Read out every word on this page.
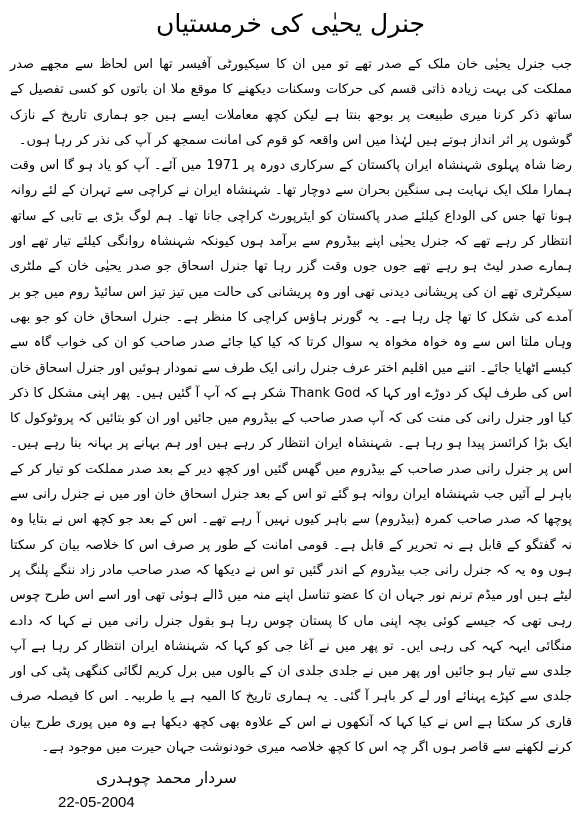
جنرل یحیٰی کی خرمستیاں

جب جنرل یحیٰی خان ملک کے صدر تھے تو میں ان کا سیکیورٹی آفیسر تھا اس لحاظ سے مجھے صدر مملکت کی بہت زیادہ ذاتی قسم کی حرکات وسکنات دیکھنے کا موقع ملا ان باتوں کو کسی تفصیل کے ساتھ ذکر کرنا میری طبیعت پر بوجھ بنتا ہے لیکن کچھ معاملات ایسے ہیں جو ہماری تاریخ کے نازک گوشوں پر اثر انداز ہوتے ہیں لہٰذا میں اس واقعہ کو قوم کی امانت سمجھ کر آپ کی نذر کر رہا ہوں۔

رضا شاہ پہلوی شہنشاہ ایران پاکستان کے سرکاری دورہ پر 1971 میں آئے۔ آپ کو یاد ہو گا اس وقت ہمارا ملک ایک نہایت ہی سنگین بحران سے دوچار تھا۔ شہنشاہ ایران نے کراچی سے تہران کے لئے روانہ ہونا تھا جس کی الوداع کیلئے صدر پاکستان کو ایئرپورٹ کراچی جانا تھا۔ ہم لوگ بڑی بے تابی کے ساتھ انتظار کر رہے تھے کہ جنرل یحیٰی اپنے بیڈروم سے برآمد ہوں کیونکہ شہنشاہ روانگی کیلئے تیار تھے اور ہمارے صدر لیٹ ہو رہے تھے جوں جوں وقت گزر رہا تھا جنرل اسحاق جو صدر یحیٰی خان کے ملٹری سیکرٹری تھے ان کی پریشانی دیدنی تھی اور وہ پریشانی کی حالت میں تیز تیز اس سائیڈ روم میں جو بر آمدے کی شکل کا تھا چل رہا ہے۔ یہ گورنر ہاؤس کراچی کا منظر ہے۔ جنرل اسحاق خان کو جو بھی وہاں ملتا اس سے وہ خواہ مخواہ یہ سوال کرتا کہ کیا کیا جائے صدر صاحب کو ان کی خواب گاہ سے کیسے اٹھایا جائے۔ اتنے میں اقلیم اختر عرف جنرل رانی ایک طرف سے نمودار ہوئیں اور جنرل اسحاق خان اس کی طرف لپک کر دوڑے اور کہا کہ Thank God شکر ہے کہ آپ آ گئیں ہیں۔ پھر اپنی مشکل کا ذکر کیا اور جنرل رانی کی منت کی کہ آپ صدر صاحب کے بیڈروم میں جائیں اور ان کو بتائیں کہ پروٹوکول کا ایک بڑا کرائسز پیدا ہو رہا ہے۔ شہنشاہ ایران انتظار کر رہے ہیں اور ہم بہانے پر بہانہ بنا رہے ہیں۔ اس پر جنرل رانی صدر صاحب کے بیڈروم میں گھس گئیں اور کچھ دیر کے بعد صدر مملکت کو تیار کر کے باہر لے آئیں جب شہنشاہ ایران روانہ ہو گئے تو اس کے بعد جنرل اسحاق خان اور میں نے جنرل رانی سے پوچھا کہ صدر صاحب کمرہ (بیڈروم) سے باہر کیوں نہیں آ رہے تھے۔ اس کے بعد جو کچھ اس نے بتایا وہ نہ گفتگو کے قابل ہے نہ تحریر کے قابل ہے۔ قومی امانت کے طور پر صرف اس کا خلاصہ بیان کر سکتا ہوں وہ یہ کہ جنرل رانی جب بیڈروم کے اندر گئیں تو اس نے دیکھا کہ صدر صاحب مادر زاد ننگے پلنگ پر لیٹے ہیں اور میڈم ترنم نور جہاں ان کا عضو تناسل اپنے منہ میں ڈالے ہوئی تھی اور اسے اس طرح چوس رہی تھی کہ جیسے کوئی بچہ اپنی ماں کا پستان چوس رہا ہو بقول جنرل رانی میں نے کہا کہ دادے منگائی ایہہ کہہ کی رہی ایں۔ تو پھر میں نے آغا جی کو کہا کہ شہنشاہ ایران انتظار کر رہا ہے آپ جلدی سے تیار ہو جائیں اور پھر میں نے جلدی جلدی ان کے بالوں میں برل کریم لگائی کنگھی پٹی کی اور جلدی سے کپڑے پہنائے اور لے کر باہر آ گئی۔ یہ ہماری تاریخ کا المیہ ہے یا طربیہ۔ اس کا فیصلہ صرف قاری کر سکتا ہے اس نے کیا کہا کہ آنکھوں نے اس کے علاوہ بھی کچھ دیکھا ہے وہ میں پوری طرح بیان کرنے لکھنے سے قاصر ہوں اگر چہ اس کا کچھ خلاصہ میری خودنوشت جہان حیرت میں موجود ہے۔

سردار محمد چوہدری
22-05-2004
